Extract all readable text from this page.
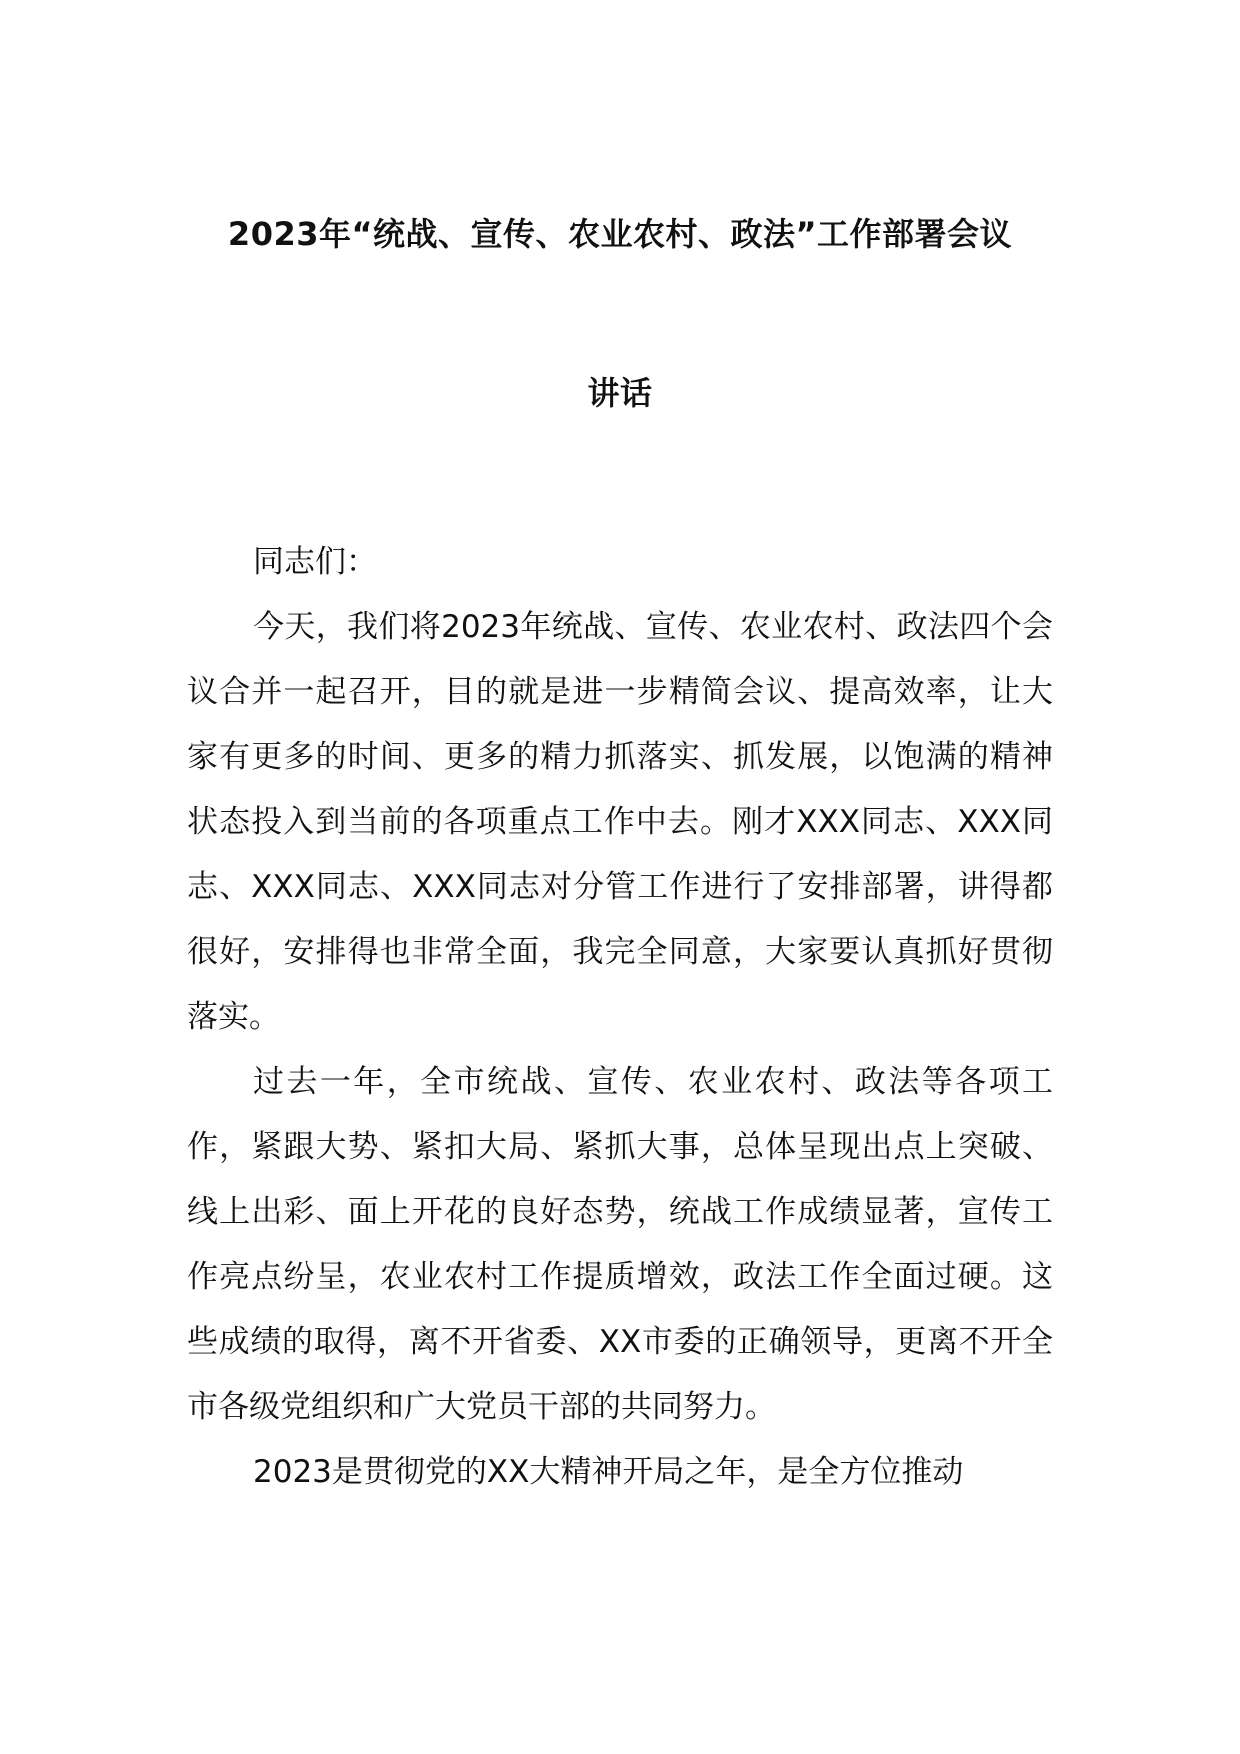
2023年“统战、宣传、农业农村、政法”工作部署会议
讲话

同志们：

今天，我们将2023年统战、宣传、农业农村、政法四个会议合并一起召开，目的就是进一步精简会议、提高效率，让大家有更多的时间、更多的精力抓落实、抓发展，以饱满的精神状态投入到当前的各项重点工作中去。刚才XXX同志、XXX同志、XXX同志、XXX同志对分管工作进行了安排部署，讲得都很好，安排得也非常全面，我完全同意，大家要认真抓好贯彻落实。

过去一年，全市统战、宣传、农业农村、政法等各项工作，紧跟大势、紧扣大局、紧抓大事，总体呈现出点上突破、线上出彩、面上开花的良好态势，统战工作成绩显著，宣传工作亮点纷呈，农业农村工作提质增效，政法工作全面过硬。这些成绩的取得，离不开省委、XX市委的正确领导，更离不开全市各级党组织和广大党员干部的共同努力。

2023是贯彻党的XX大精神开局之年，是全方位推动
